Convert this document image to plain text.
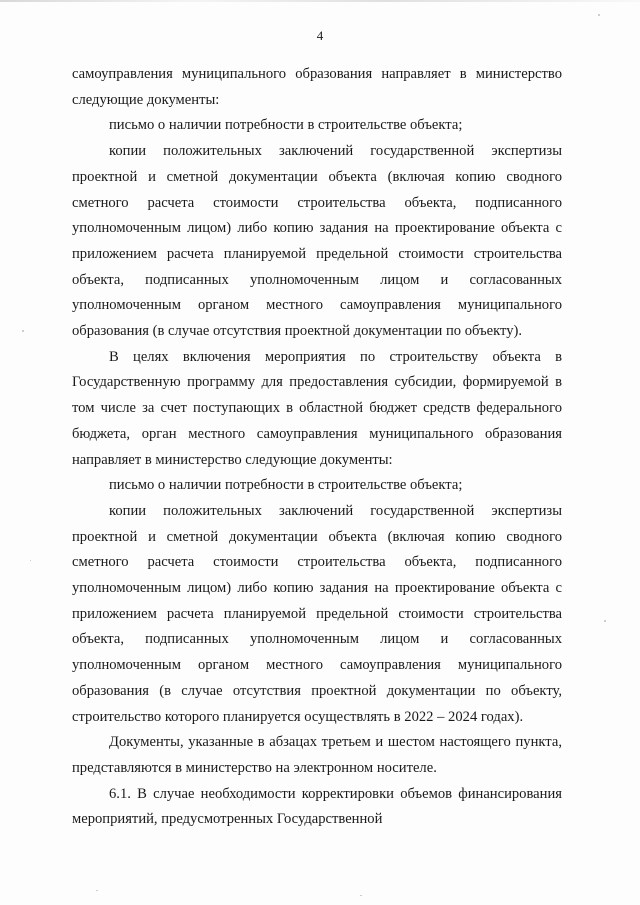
4

самоуправления муниципального образования направляет в министерство следующие документы:

письмо о наличии потребности в строительстве объекта;

копии положительных заключений государственной экспертизы проектной и сметной документации объекта (включая копию сводного сметного расчета стоимости строительства объекта, подписанного уполномоченным лицом) либо копию задания на проектирование объекта с приложением расчета планируемой предельной стоимости строительства объекта, подписанных уполномоченным лицом и согласованных уполномоченным органом местного самоуправления муниципального образования (в случае отсутствия проектной документации по объекту).

В целях включения мероприятия по строительству объекта в Государственную программу для предоставления субсидии, формируемой в том числе за счет поступающих в областной бюджет средств федерального бюджета, орган местного самоуправления муниципального образования направляет в министерство следующие документы:

письмо о наличии потребности в строительстве объекта;

копии положительных заключений государственной экспертизы проектной и сметной документации объекта (включая копию сводного сметного расчета стоимости строительства объекта, подписанного уполномоченным лицом) либо копию задания на проектирование объекта с приложением расчета планируемой предельной стоимости строительства объекта, подписанных уполномоченным лицом и согласованных уполномоченным органом местного самоуправления муниципального образования (в случае отсутствия проектной документации по объекту, строительство которого планируется осуществлять в 2022 – 2024 годах).

Документы, указанные в абзацах третьем и шестом настоящего пункта, представляются в министерство на электронном носителе.

6.1. В случае необходимости корректировки объемов финансирования мероприятий, предусмотренных Государственной
